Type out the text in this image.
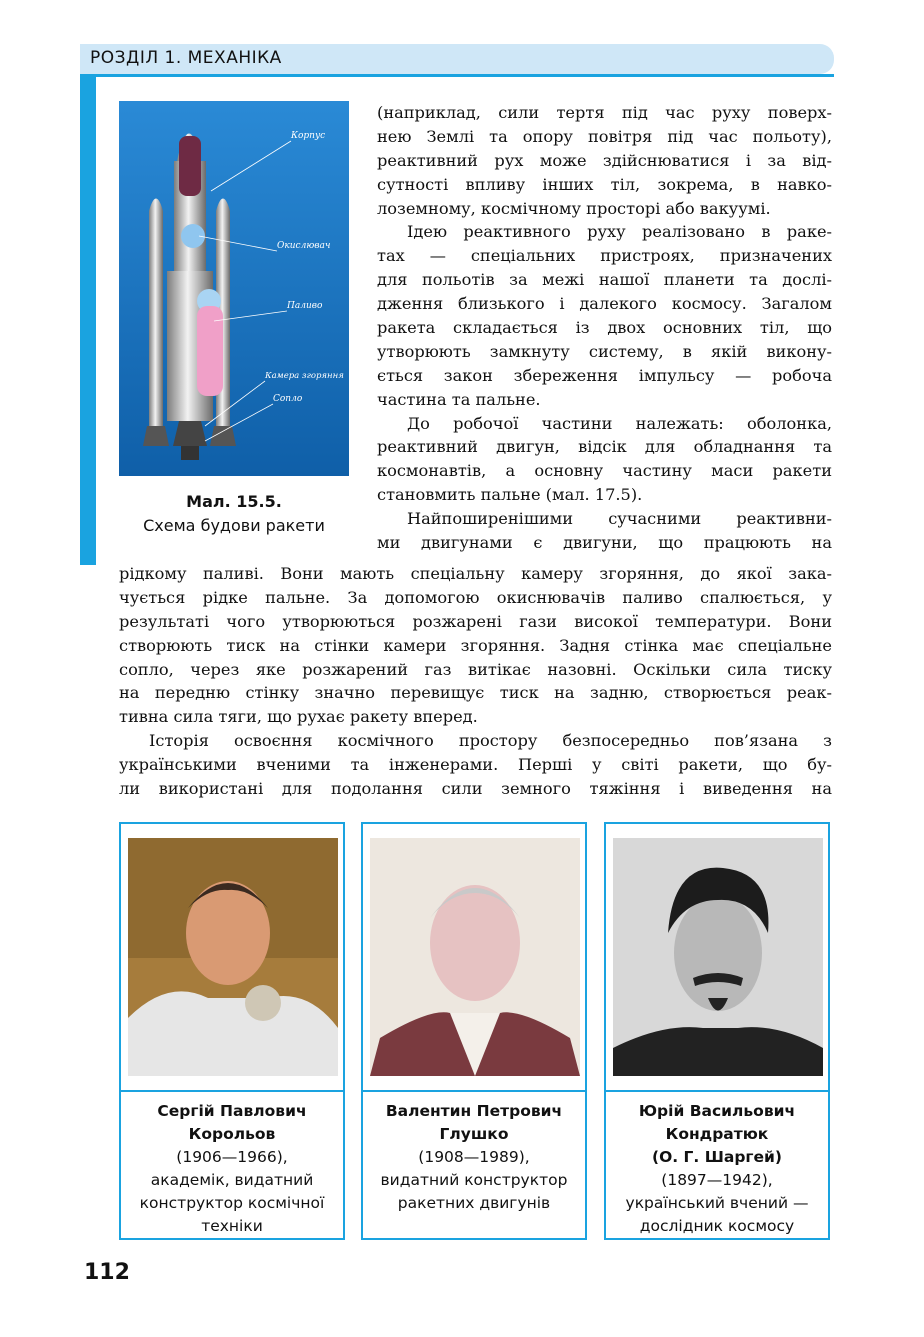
РОЗДІЛ 1. МЕХАНІКА
Корпус
Окислювач
Паливо
Камера згоряння
Сопло
Мал. 15.5.
Схема будови ракети
(наприклад, сили тертя під час руху поверх-
нею Землі та опору повітря під час польоту),
реактивний рух може здійснюватися і за від-
сутності впливу інших тіл, зокрема, в навко-
лоземному, космічному просторі або вакуумі.
Ідею реактивного руху реалізовано в раке-
тах — спеціальних пристроях, призначених
для польотів за межі нашої планети та дослі-
дження близького і далекого космосу. Загалом
ракета складається із двох основних тіл, що
утворюють замкнуту систему, в якій викону-
ється закон збереження імпульсу — робоча
частина та пальне.
До робочої частини належать: оболонка,
реактивний двигун, відсік для обладнання та
космонавтів, а основну частину маси ракети
становмить пальне (мал. 17.5).
Найпоширенішими сучасними реактивни-
ми двигунами є двигуни, що працюють на
рідкому паливі. Вони мають спеціальну камеру згоряння, до якої зака-
чується рідке пальне. За допомогою окиснювачів паливо спалюється, у
результаті чого утворюються розжарені гази високої температури. Вони
створюють тиск на стінки камери згоряння. Задня стінка має спеціальне
сопло, через яке розжарений газ витікає назовні. Оскільки сила тиску
на передню стінку значно перевищує тиск на задню, створюється реак-
тивна сила тяги, що рухає ракету вперед.
Історія освоєння космічного простору безпосередньо пов’язана з
українськими вченими та інженерами. Перші у світі ракети, що бу-
ли використані для подолання сили земного тяжіння і виведення на
Сергій Павлович
Корольов
(1906—1966),
академік, видатний
конструктор космічної
техніки
Валентин Петрович
Глушко
(1908—1989),
видатний конструктор
ракетних двигунів
Юрій Васильович
Кондратюк
(О. Г. Шаргей)
(1897—1942),
український вчений —
дослідник космосу
112
